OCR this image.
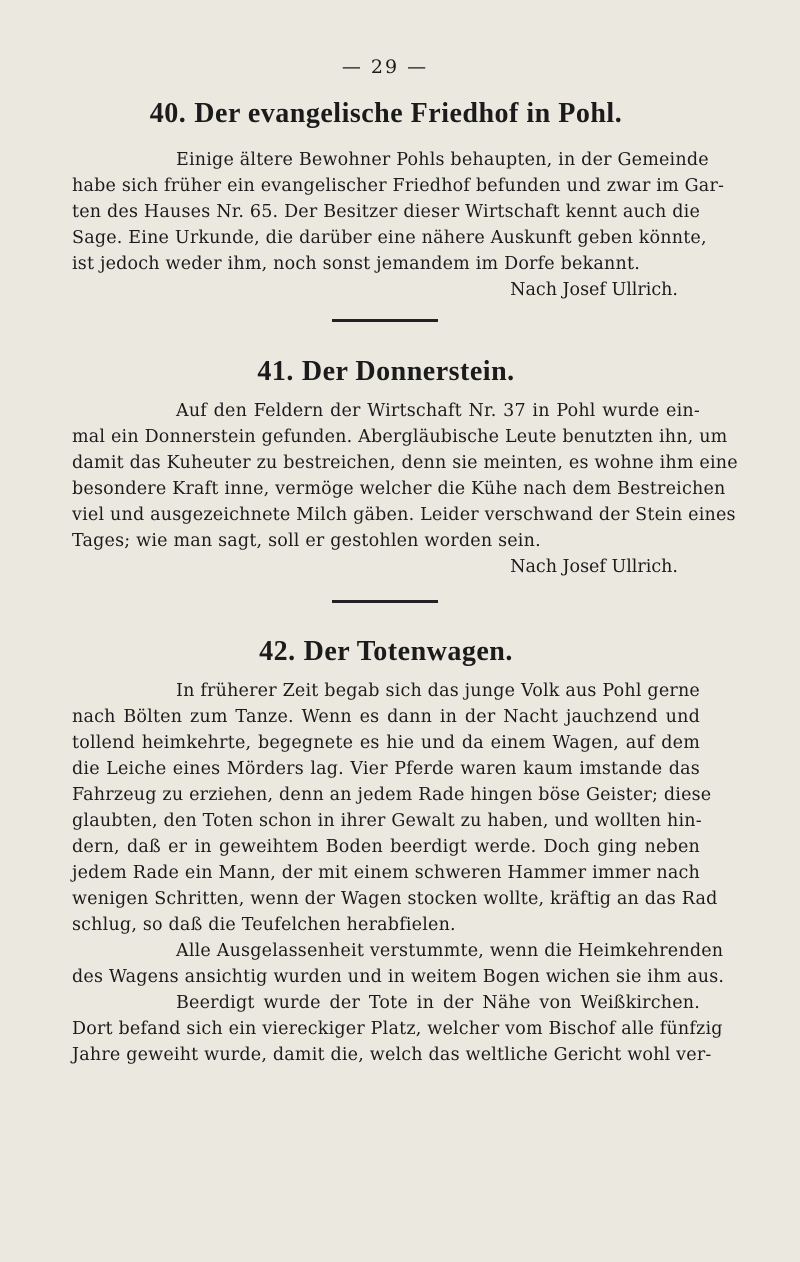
— 29 —
40. Der evangelische Friedhof in Pohl.
Einige ältere Bewohner Pohls behaupten, in der Gemeinde
habe sich früher ein evangelischer Friedhof befunden und zwar im Gar-
ten des Hauses Nr. 65. Der Besitzer dieser Wirtschaft kennt auch die
Sage. Eine Urkunde, die darüber eine nähere Auskunft geben könnte,
ist jedoch weder ihm, noch sonst jemandem im Dorfe bekannt.
Nach Josef Ullrich.
41. Der Donnerstein.
Auf den Feldern der Wirtschaft Nr. 37 in Pohl wurde ein-
mal ein Donnerstein gefunden. Abergläubische Leute benutzten ihn, um
damit das Kuheuter zu bestreichen, denn sie meinten, es wohne ihm eine
besondere Kraft inne, vermöge welcher die Kühe nach dem Bestreichen
viel und ausgezeichnete Milch gäben. Leider verschwand der Stein eines
Tages; wie man sagt, soll er gestohlen worden sein.
Nach Josef Ullrich.
42. Der Totenwagen.
In früherer Zeit begab sich das junge Volk aus Pohl gerne
nach Bölten zum Tanze. Wenn es dann in der Nacht jauchzend und
tollend heimkehrte, begegnete es hie und da einem Wagen, auf dem
die Leiche eines Mörders lag. Vier Pferde waren kaum imstande das
Fahrzeug zu erziehen, denn an jedem Rade hingen böse Geister; diese
glaubten, den Toten schon in ihrer Gewalt zu haben, und wollten hin-
dern, daß er in geweihtem Boden beerdigt werde. Doch ging neben
jedem Rade ein Mann, der mit einem schweren Hammer immer nach
wenigen Schritten, wenn der Wagen stocken wollte, kräftig an das Rad
schlug, so daß die Teufelchen herabfielen.
Alle Ausgelassenheit verstummte, wenn die Heimkehrenden
des Wagens ansichtig wurden und in weitem Bogen wichen sie ihm aus.
Beerdigt wurde der Tote in der Nähe von Weißkirchen.
Dort befand sich ein viereckiger Platz, welcher vom Bischof alle fünfzig
Jahre geweiht wurde, damit die, welch das weltliche Gericht wohl ver-
